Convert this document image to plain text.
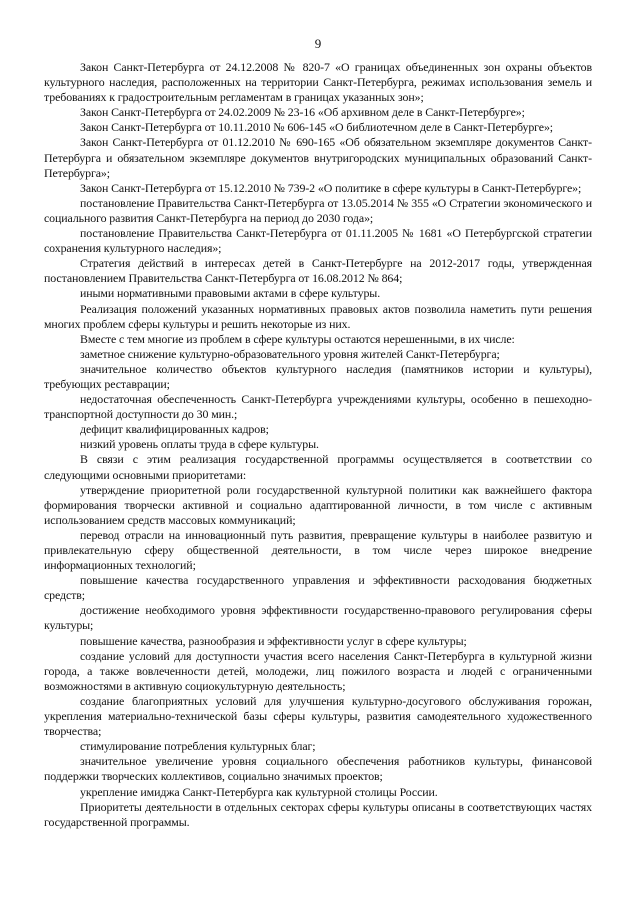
9

Закон Санкт-Петербурга от 24.12.2008 № 820-7 «О границах объединенных зон охраны объектов культурного наследия, расположенных на территории Санкт-Петербурга, режимах использования земель и требованиях к градостроительным регламентам в границах указанных зон»;

Закон Санкт-Петербурга от 24.02.2009 № 23-16 «Об архивном деле в Санкт-Петербурге»;

Закон Санкт-Петербурга от 10.11.2010 № 606-145 «О библиотечном деле в Санкт-Петербурге»;

Закон Санкт-Петербурга от 01.12.2010 № 690-165 «Об обязательном экземпляре документов Санкт-Петербурга и обязательном экземпляре документов внутригородских муниципальных образований Санкт-Петербурга»;

Закон Санкт-Петербурга от 15.12.2010 № 739-2 «О политике в сфере культуры в Санкт-Петербурге»;

постановление Правительства Санкт-Петербурга от 13.05.2014 № 355 «О Стратегии экономического и социального развития Санкт-Петербурга на период до 2030 года»;

постановление Правительства Санкт-Петербурга от 01.11.2005 № 1681 «О Петербургской стратегии сохранения культурного наследия»;

Стратегия действий в интересах детей в Санкт-Петербурге на 2012-2017 годы, утвержденная постановлением Правительства Санкт-Петербурга от 16.08.2012 № 864;

иными нормативными правовыми актами в сфере культуры.

Реализация положений указанных нормативных правовых актов позволила наметить пути решения многих проблем сферы культуры и решить некоторые из них.

Вместе с тем многие из проблем в сфере культуры остаются нерешенными, в их числе:

заметное снижение культурно-образовательного уровня жителей Санкт-Петербурга;

значительное количество объектов культурного наследия (памятников истории и культуры), требующих реставрации;

недостаточная обеспеченность Санкт-Петербурга учреждениями культуры, особенно в пешеходно-транспортной доступности до 30 мин.;

дефицит квалифицированных кадров;

низкий уровень оплаты труда в сфере культуры.

В связи с этим реализация государственной программы осуществляется в соответствии со следующими основными приоритетами:

утверждение приоритетной роли государственной культурной политики как важнейшего фактора формирования творчески активной и социально адаптированной личности, в том числе с активным использованием средств массовых коммуникаций;

перевод отрасли на инновационный путь развития, превращение культуры в наиболее развитую и привлекательную сферу общественной деятельности, в том числе через широкое внедрение информационных технологий;

повышение качества государственного управления и эффективности расходования бюджетных средств;

достижение необходимого уровня эффективности государственно-правового регулирования сферы культуры;

повышение качества, разнообразия и эффективности услуг в сфере культуры;

создание условий для доступности участия всего населения Санкт-Петербурга в культурной жизни города, а также вовлеченности детей, молодежи, лиц пожилого возраста и людей с ограниченными возможностями в активную социокультурную деятельность;

создание благоприятных условий для улучшения культурно-досугового обслуживания горожан, укрепления материально-технической базы сферы культуры, развития самодеятельного художественного творчества;

стимулирование потребления культурных благ;

значительное увеличение уровня социального обеспечения работников культуры, финансовой поддержки творческих коллективов, социально значимых проектов;

укрепление имиджа Санкт-Петербурга как культурной столицы России.

Приоритеты деятельности в отдельных секторах сферы культуры описаны в соответствующих частях государственной программы.
